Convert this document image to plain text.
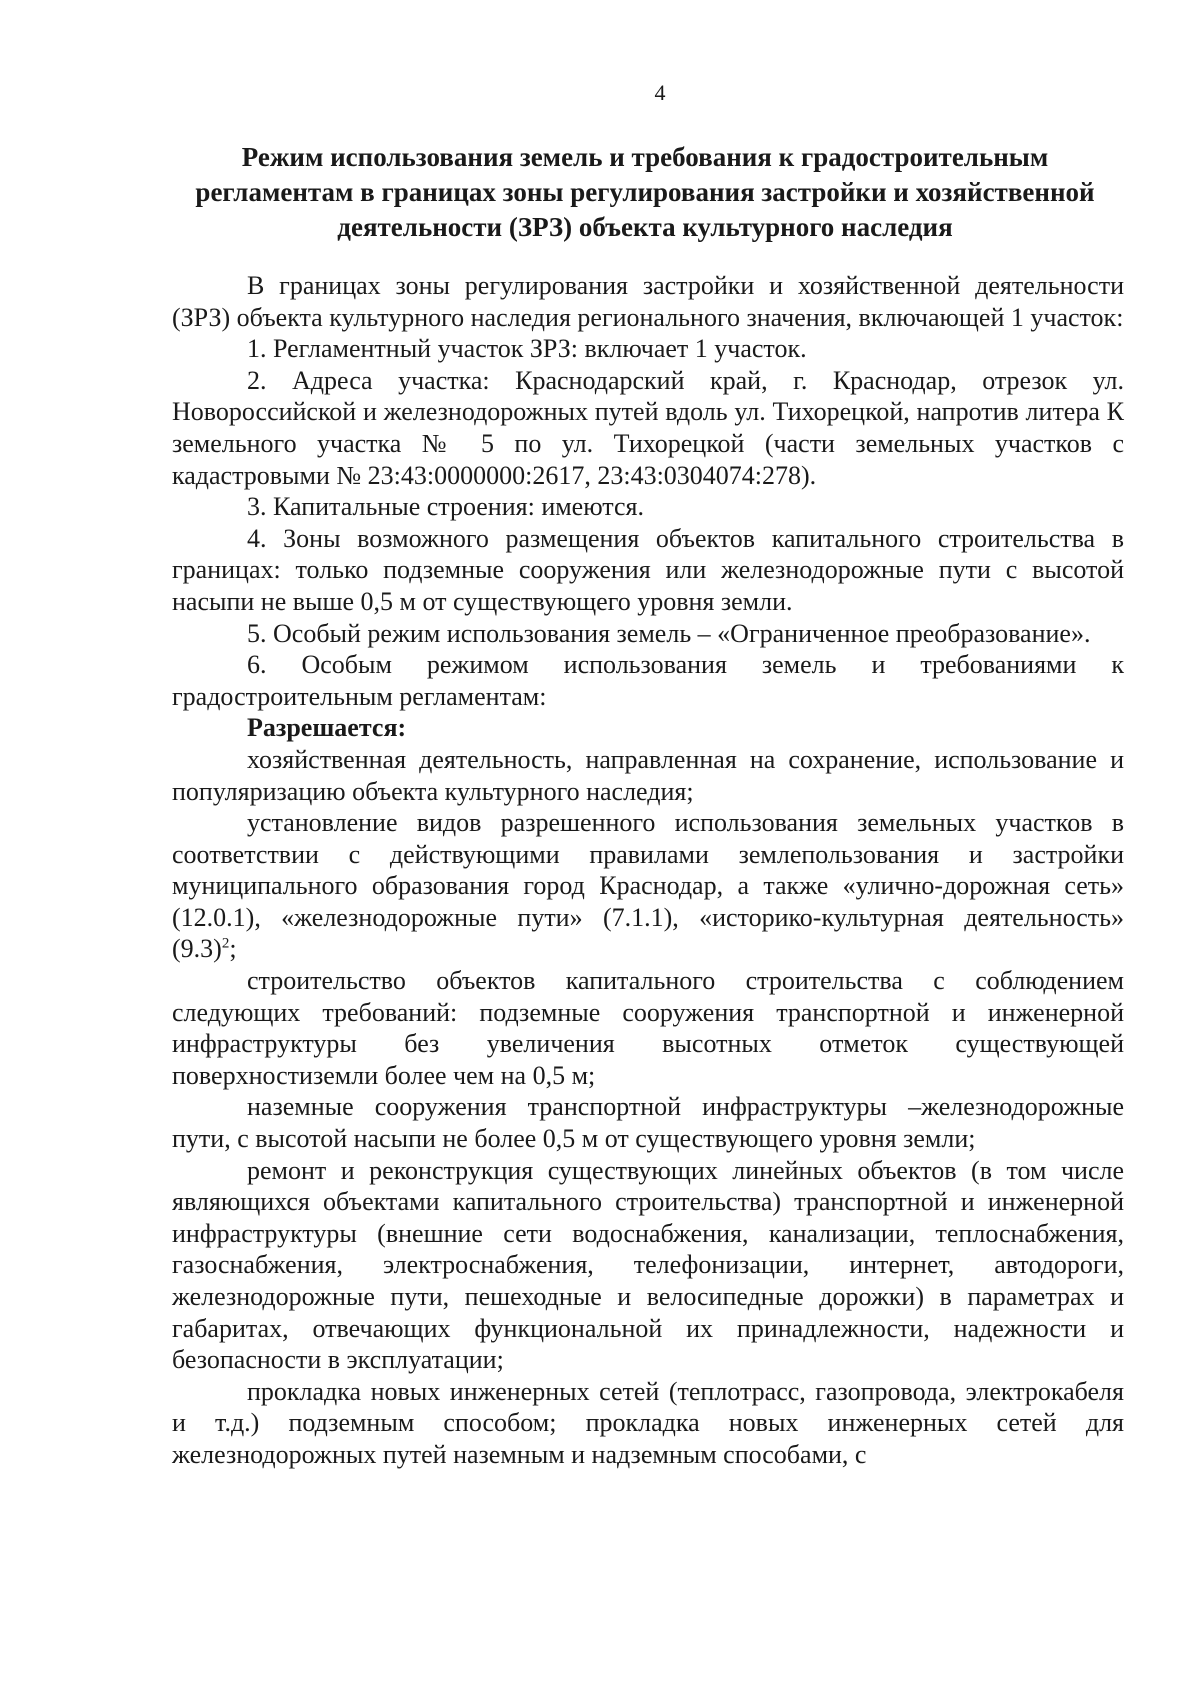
4
Режим использования земель и требования к градостроительным регламентам в границах зоны регулирования застройки и хозяйственной деятельности (ЗРЗ) объекта культурного наследия

В границах зоны регулирования застройки и хозяйственной деятельности (ЗРЗ) объекта культурного наследия регионального значения, включающей 1 участок:

1. Регламентный участок ЗРЗ: включает 1 участок.

2. Адреса участка: Краснодарский край, г. Краснодар, отрезок ул. Новороссийской и железнодорожных путей вдоль ул. Тихорецкой, напротив литера К земельного участка № 5 по ул. Тихорецкой (части земельных участков с кадастровыми № 23:43:0000000:2617, 23:43:0304074:278).

3. Капитальные строения: имеются.

4. Зоны возможного размещения объектов капитального строительства в границах: только подземные сооружения или железнодорожные пути с высотой насыпи не выше 0,5 м от существующего уровня земли.

5. Особый режим использования земель – «Ограниченное преобразование».

6. Особым режимом использования земель и требованиями к градостроительным регламентам:

Разрешается:

хозяйственная деятельность, направленная на сохранение, использование и популяризацию объекта культурного наследия;

установление видов разрешенного использования земельных участков в соответствии с действующими правилами землепользования и застройки муниципального образования город Краснодар, а также «улично-дорожная сеть» (12.0.1), «железнодорожные пути» (7.1.1), «историко-культурная деятельность» $(9.3)^2$;

строительство объектов капитального строительства с соблюдением следующих требований: подземные сооружения транспортной и инженерной инфраструктуры без увеличения высотных отметок существующей поверхностиземли более чем на 0,5 м;

наземные сооружения транспортной инфраструктуры –железнодорожные пути, с высотой насыпи не более 0,5 м от существующего уровня земли;

ремонт и реконструкция существующих линейных объектов (в том числе являющихся объектами капитального строительства) транспортной и инженерной инфраструктуры (внешние сети водоснабжения, канализации, теплоснабжения, газоснабжения, электроснабжения, телефонизации, интернет, автодороги, железнодорожные пути, пешеходные и велосипедные дорожки) в параметрах и габаритах, отвечающих функциональной их принадлежности, надежности и безопасности в эксплуатации;

прокладка новых инженерных сетей (теплотрасс, газопровода, электрокабеля и т.д.) подземным способом; прокладка новых инженерных сетей для железнодорожных путей наземным и надземным способами, с
